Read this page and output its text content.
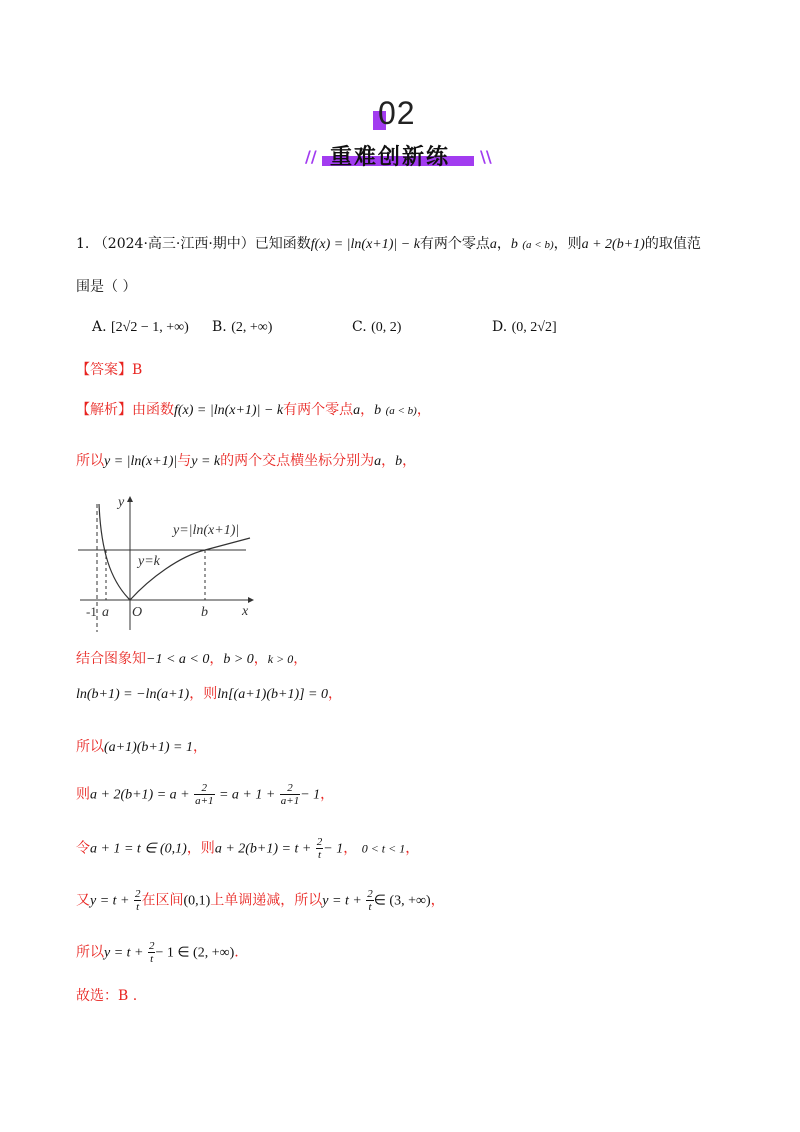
02
// 重难创新练 \\
1. （2024·高三·江西·期中）已知函数f(x) = |ln(x+1)| − k有两个零点a，b (a < b)，则a + 2(b+1)的取值范
围是（ ）
A. [2√2 − 1, +∞) B. (2, +∞)	C. (0, 2)	D. (0, 2√2]
【答案】B
【解析】由函数f(x) = |ln(x+1)| − k有两个零点a，b (a < b)，
所以y = |ln(x+1)|与y = k的两个交点横坐标分别为a，b，
y
x
O
-1 a	b
y=|ln(x+1)|
y=k
结合图象知−1 < a < 0，b > 0，k > 0，
ln(b+1) = −ln(a+1)，则ln[(a+1)(b+1)] = 0，
所以(a+1)(b+1) = 1，
则$a + 2(b+1) = a + \frac{2}{a+1} = a + 1 + \frac{2}{a+1} - 1$，
令a + 1 = t ∈ (0,1)，则$a + 2(b+1) = t + \frac{2}{t} - 1$， 0 < t < 1，
又$y = t + \frac{2}{t}$ 在区间(0,1)上单调递减，所以$y = t + \frac{2}{t}$ ∈ (3, +∞)，
所以$y = t + \frac{2}{t} - 1$ ∈ (2, +∞).
故选：B .
